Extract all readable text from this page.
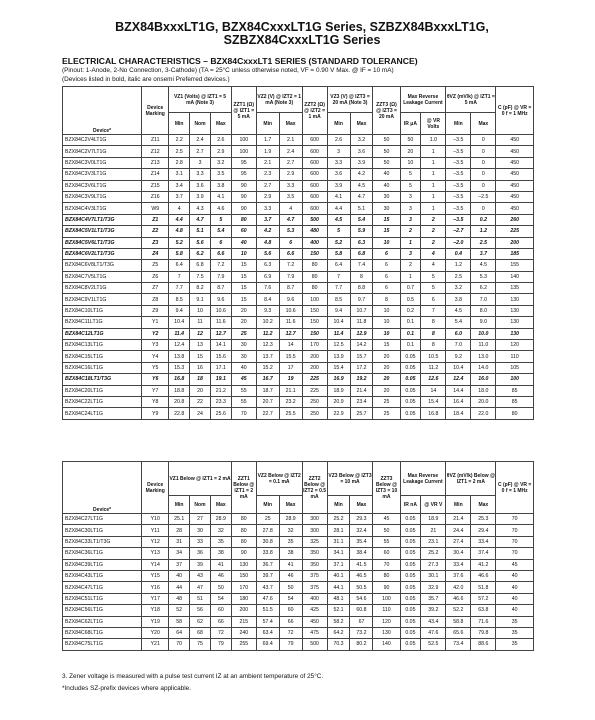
BZX84BxxxLT1G, BZX84CxxxLT1G Series, SZBZX84BxxxLT1G, SZBZX84CxxxLT1G Series
ELECTRICAL CHARACTERISTICS – BZX84CxxxLT1 SERIES (STANDARD TOLERANCE)
(Pinout: 1-Anode, 2-No Connection, 3-Cathode) (TA = 25°C unless otherwise noted, VF = 0.90 V Max. @ IF = 10 mA)
(Devices listed in bold, italic are onsemi Preferred devices.)
Device*	Device Marking	VZ1 (Volts) @ IZT1 = 5 mA (Note 3)			ZZT1 (Ω) @ IZT1 = 5 mA	VZ2 (V) @ IZT2 = 1 mA (Note 3)		ZZT2 (Ω) @ IZT2 = 1 mA	VZ3 (V) @ IZT3 = 20 mA (Note 3)		ZZT3 (Ω) @ IZT3 = 20 mA	Max Reverse Leakage Current		θVZ (mV/k) @ IZT1 = 5 mA		C (pF) @ VR = 0 f = 1 MHz
		Min	Nom	Max		Min	Max		Min	Max		IR μA	@ VR Volts	Min	Max	
BZX84C2V4LT1G	Z11	2.2	2.4	2.6	100	1.7	2.1	600	2.6	3.2	50	50	1.0	–3.5	0	450
BZX84C2V7LT1G	Z12	2.5	2.7	2.9	100	1.9	2.4	600	3	3.6	50	20	1	–3.5	0	450
BZX84C3V0LT1G	Z13	2.8	3	3.2	95	2.1	2.7	600	3.3	3.9	50	10	1	–3.5	0	450
BZX84C3V3LT1G	Z14	3.1	3.3	3.5	95	2.3	2.9	600	3.6	4.2	40	5	1	–3.5	0	450
BZX84C3V6LT1G	Z15	3.4	3.6	3.8	90	2.7	3.3	600	3.9	4.5	40	5	1	–3.5	0	450
BZX84C3V9LT1G	Z16	3.7	3.9	4.1	90	2.9	3.5	600	4.1	4.7	30	3	1	–3.5	–2.5	450
BZX84C4V3LT1G	W9	4	4.3	4.6	90	3.3	4	600	4.4	5.1	30	3	1	–3.5	0	450
BZX84C4V7LT1/T3G	Z1	4.4	4.7	5	80	3.7	4.7	500	4.5	5.4	15	3	2	–3.5	0.2	260
BZX84C5V1LT1/T3G	Z2	4.8	5.1	5.4	60	4.2	5.3	480	5	5.9	15	2	2	–2.7	1.2	225
BZX84C5V6LT1/T3G	Z3	5.2	5.6	6	40	4.8	6	400	5.2	6.3	10	1	2	–2.0	2.5	200
BZX84C6V2LT1/T3G	Z4	5.8	6.2	6.6	10	5.6	6.6	150	5.8	6.8	6	3	4	0.4	3.7	185
BZX84C6V8LT1/T3G	Z5	6.4	6.8	7.2	15	6.3	7.2	80	6.4	7.4	6	2	4	1.2	4.5	155
BZX84C7V5LT1G	Z6	7	7.5	7.9	15	6.9	7.9	80	7	8	6	1	5	2.5	5.3	140
BZX84C8V2LT1G	Z7	7.7	8.2	8.7	15	7.6	8.7	80	7.7	8.8	6	0.7	5	3.2	6.2	135
BZX84C9V1LT1G	Z8	8.5	9.1	9.6	15	8.4	9.6	100	8.5	9.7	8	0.5	6	3.8	7.0	130
BZX84C10LT1G	Z9	9.4	10	10.6	20	9.3	10.6	150	9.4	10.7	10	0.2	7	4.5	8.0	130
BZX84C11LT1G	Y1	10.4	11	11.6	20	10.2	11.6	150	10.4	11.8	10	0.1	8	5.4	9.0	130
BZX84C12LT1G	Y2	11.4	12	12.7	25	11.2	12.7	150	11.4	12.9	10	0.1	8	6.0	10.0	130
BZX84C13LT1G	Y3	12.4	13	14.1	30	12.3	14	170	12.5	14.2	15	0.1	8	7.0	11.0	120
BZX84C15LT1G	Y4	13.8	15	15.6	30	13.7	15.5	200	13.9	15.7	20	0.05	10.5	9.2	13.0	110
BZX84C16LT1G	Y5	15.3	16	17.1	40	15.2	17	200	15.4	17.2	20	0.05	11.2	10.4	14.0	105
BZX84C18LT1/T3G	Y6	16.8	18	19.1	45	16.7	19	225	16.9	19.2	20	0.05	12.6	12.4	16.0	100
BZX84C20LT1G	Y7	18.8	20	21.2	55	18.7	21.1	225	18.9	21.4	20	0.05	14	14.4	18.0	85
BZX84C22LT1G	Y8	20.8	22	23.3	55	20.7	23.2	250	20.9	23.4	25	0.05	15.4	16.4	20.0	85
BZX84C24LT1G	Y9	22.8	24	25.6	70	22.7	25.5	250	22.9	25.7	25	0.05	16.8	18.4	22.0	80
Device*	Device Marking	VZ1 Below @ IZT1 = 2 mA			ZZT1 Below @ IZT1 = 2 mA	VZ2 Below @ IZT2 = 0.1 mA		ZZT2 Below @ IZT2 = 0.5 mA	VZ3 Below @ IZT3 = 10 mA		ZZT3 Below @ IZT3 = 10 mA	Max Reverse Leakage Current		θVZ (mV/k) Below @ IZT1 = 2 mA		C (pF) @ VR = 0 f = 1 MHz
		Min	Nom	Max		Min	Max		Min	Max		IR nA	@ VR V	Min	Max	
BZX84C27LT1G	Y10	25.1	27	28.9	80	25	28.9	300	25.2	29.3	45	0.05	18.9	21.4	25.3	70
BZX84C30LT1G	Y11	28	30	32	80	27.8	32	300	28.1	32.4	50	0.05	21	24.4	29.4	70
BZX84C33LT1/T3G	Y12	31	33	35	80	30.8	35	325	31.1	35.4	55	0.05	23.1	27.4	33.4	70
BZX84C36LT1G	Y13	34	36	38	90	33.8	38	350	34.1	38.4	60	0.05	25.2	30.4	37.4	70
BZX84C39LT1G	Y14	37	39	41	130	36.7	41	350	37.1	41.5	70	0.05	27.3	33.4	41.2	45
BZX84C43LT1G	Y15	40	43	46	150	39.7	46	375	40.1	46.5	80	0.05	30.1	37.6	46.6	40
BZX84C47LT1G	Y16	44	47	50	170	43.7	50	375	44.1	50.5	90	0.05	32.9	42.0	51.8	40
BZX84C51LT1G	Y17	48	51	54	180	47.6	54	400	48.1	54.6	100	0.05	35.7	46.6	57.2	40
BZX84C56LT1G	Y18	52	56	60	200	51.5	60	425	52.1	60.8	110	0.05	39.2	52.2	63.8	40
BZX84C62LT1G	Y19	58	62	66	215	57.4	66	450	58.2	67	120	0.05	43.4	58.8	71.6	35
BZX84C68LT1G	Y20	64	68	72	240	63.4	72	475	64.2	73.2	130	0.05	47.6	65.6	79.8	35
BZX84C75LT1G	Y21	70	75	79	255	69.4	79	500	70.3	80.2	140	0.05	52.5	73.4	88.6	35
3. Zener voltage is measured with a pulse test current IZ at an ambient temperature of 25°C.
*Includes SZ-prefix devices where applicable.
